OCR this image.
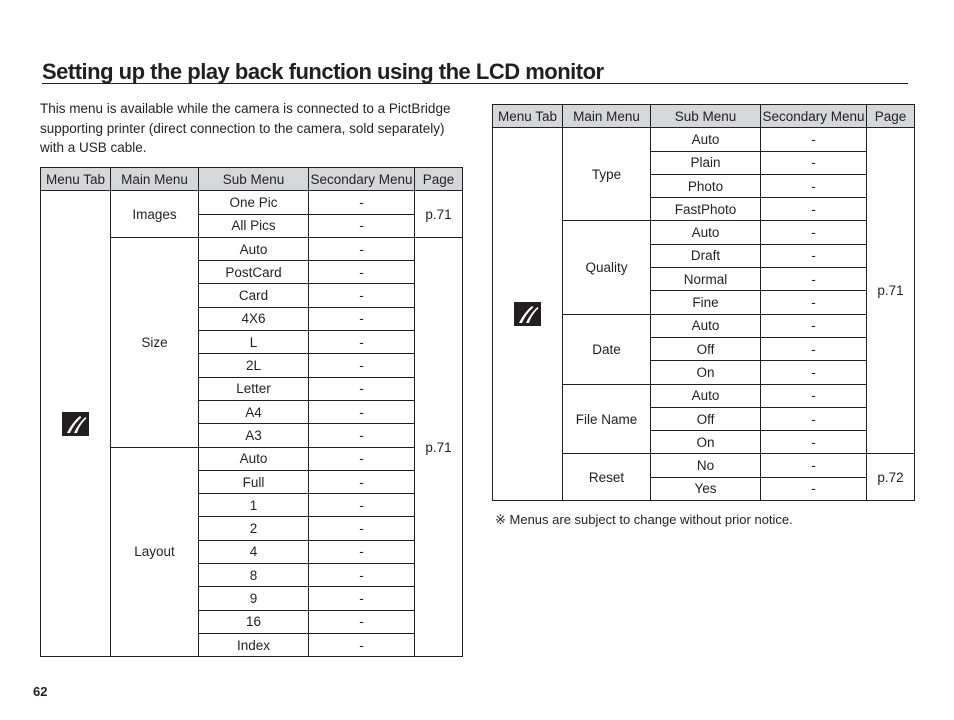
Setting up the play back function using the LCD monitor
This menu is available while the camera is connected to a PictBridge supporting printer (direct connection to the camera, sold separately) with a USB cable.
Menu Tab	Main Menu	Sub Menu	Secondary Menu	Page

	Images	One Pic	-	p.71
		All Pics	-	
	Size	Auto	-	p.71
		PostCard	-	
		Card	-	
		4X6	-	
		L	-	
		2L	-	
		Letter	-	
		A4	-	
		A3	-	
	Layout	Auto	-	
		Full	-	
		1	-	
		2	-	
		4	-	
		8	-	
		9	-	
		16	-	
		Index	-	
Menu Tab	Main Menu	Sub Menu	Secondary Menu	Page

	Type	Auto	-	p.71
		Plain	-	
		Photo	-	
		FastPhoto	-	
	Quality	Auto	-	
		Draft	-	
		Normal	-	
		Fine	-	
	Date	Auto	-	
		Off	-	
		On	-	
	File Name	Auto	-	
		Off	-	
		On	-	
	Reset	No	-	p.72
		Yes	-	
※ Menus are subject to change without prior notice.
62
